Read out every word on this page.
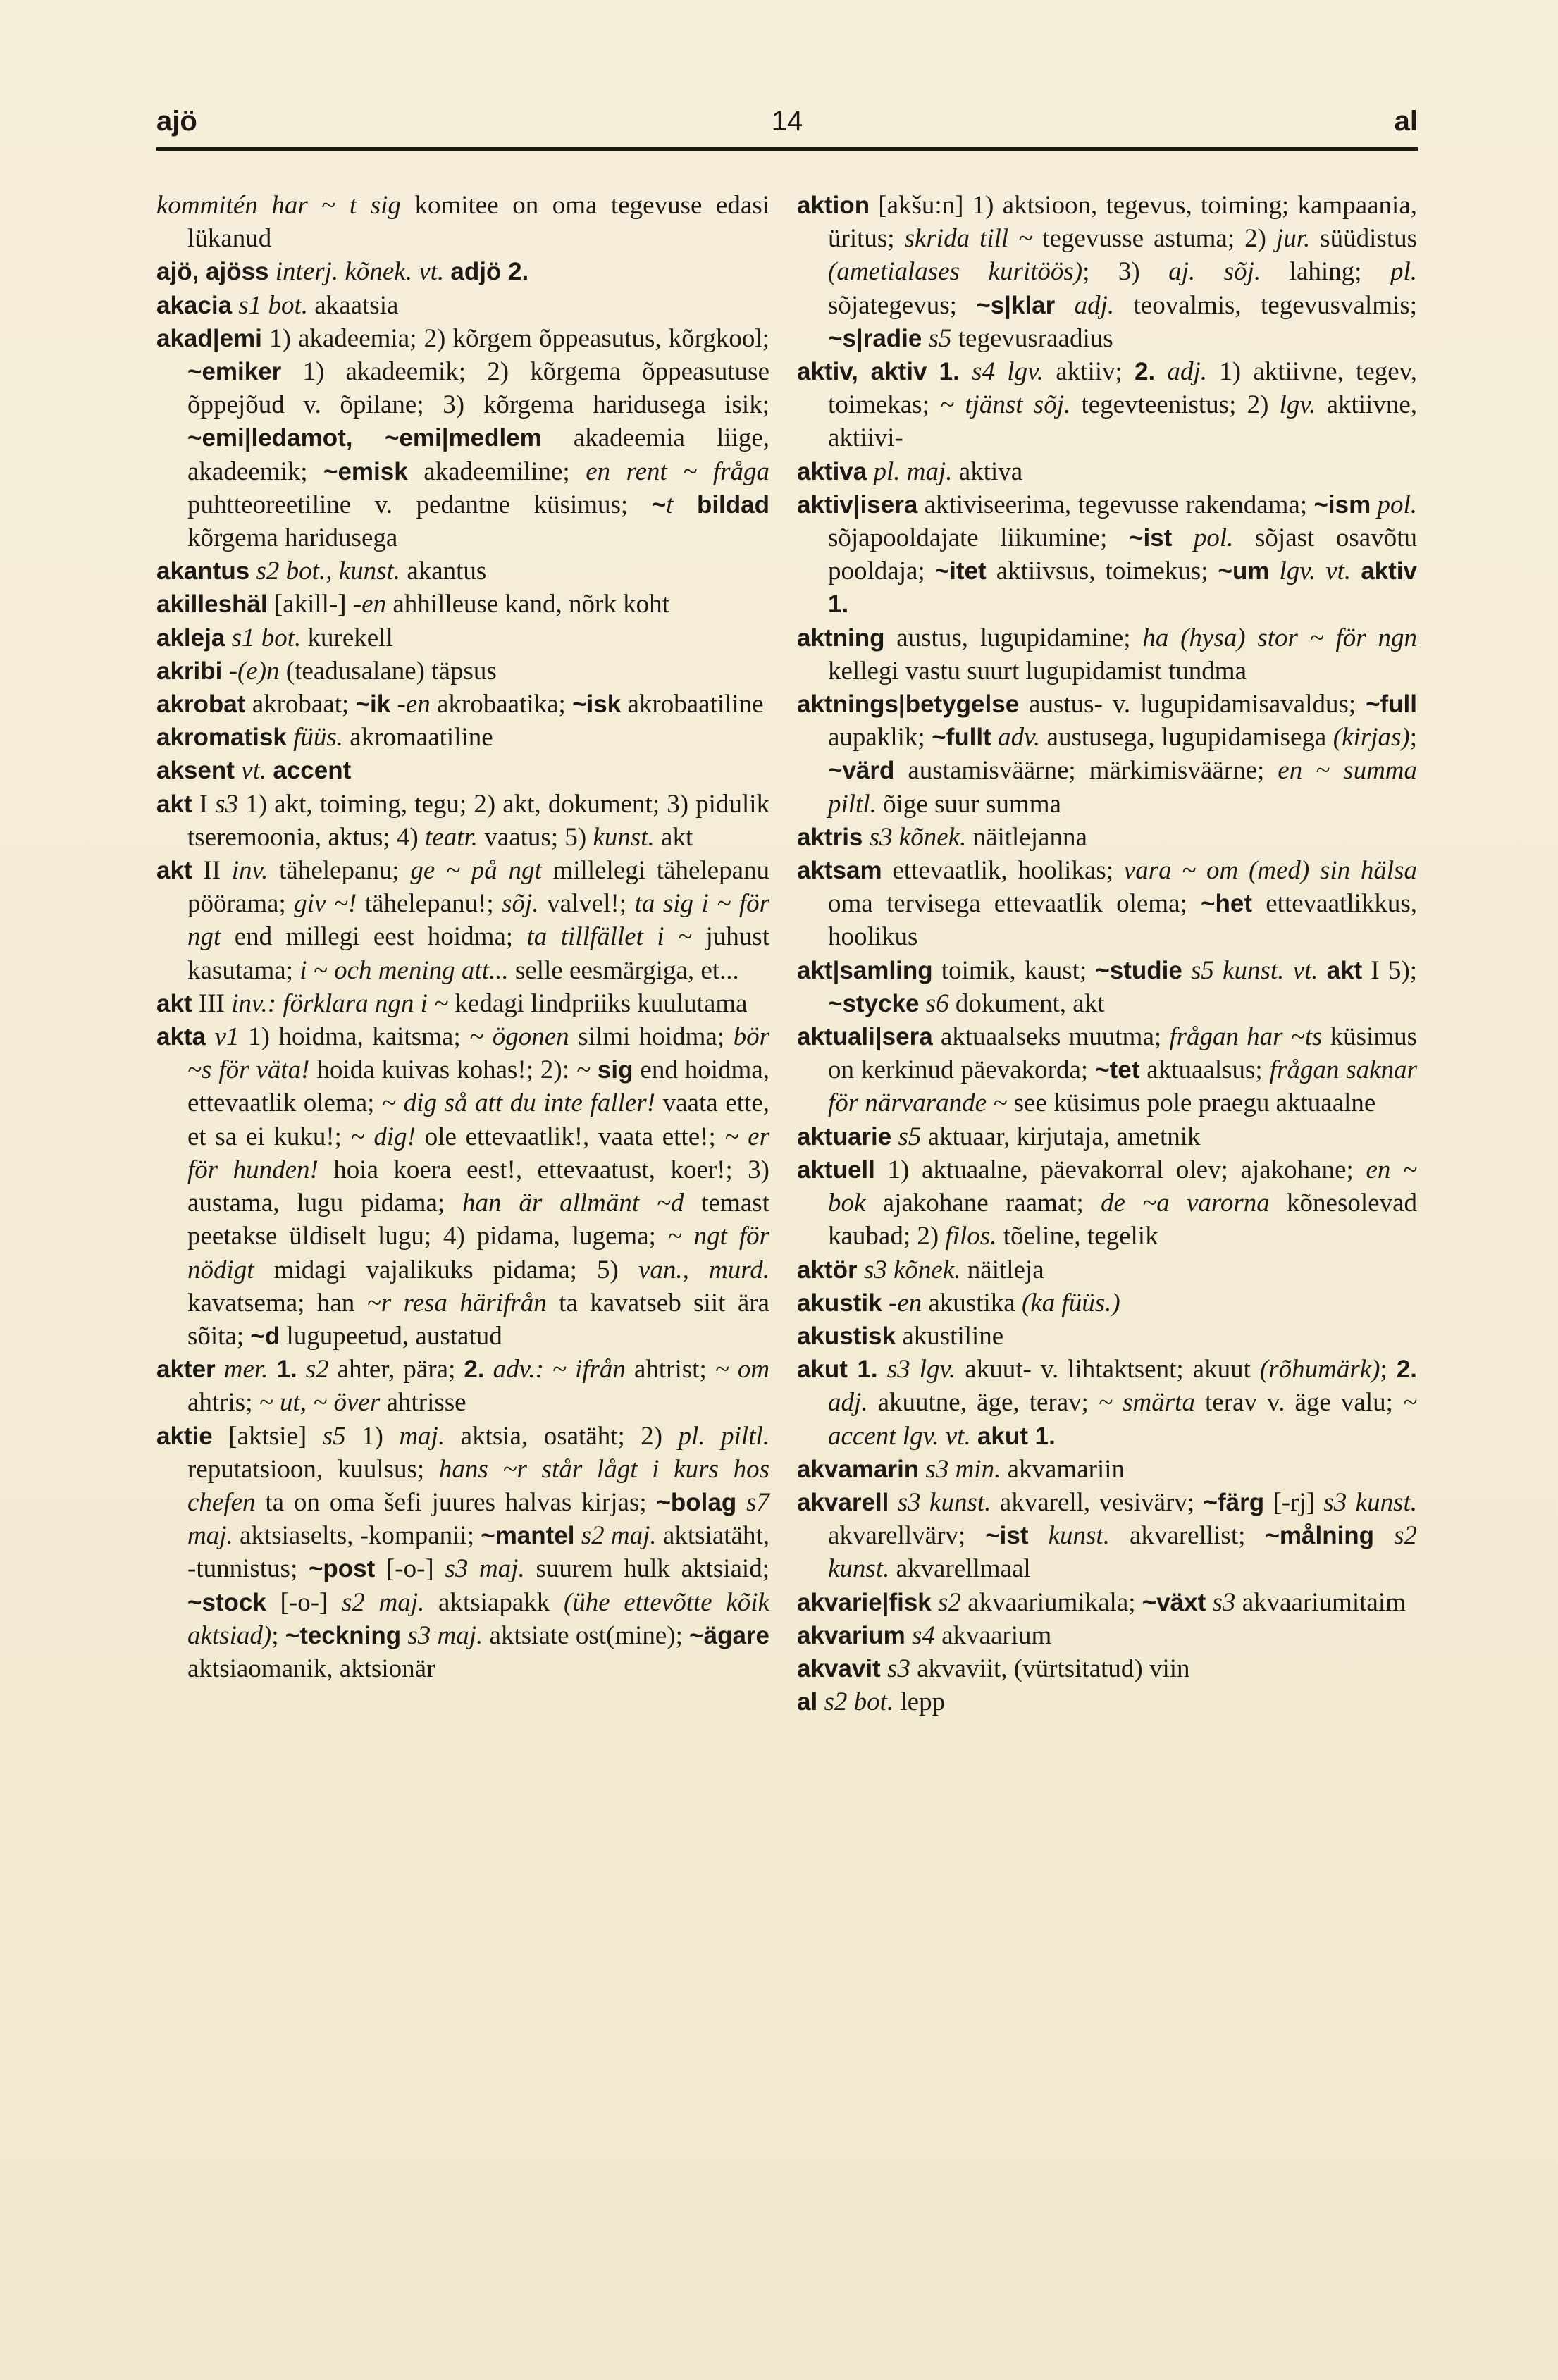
ajö	14	al

kommitén har ~ t sig komitee on oma tegevuse edasi lükanud

ajö, ajöss interj. kõnek. vt. adjö 2.

akacia s1 bot. akaatsia

akad|emi 1) akadeemia; 2) kõrgem õppeasutus, kõrgkool; ~emiker 1) akadeemik; 2) kõrgema õppeasutuse õppejõud v. õpilane; 3) kõrgema haridusega isik; ~emi|ledamot, ~emi|medlem akadeemia liige, akadeemik; ~emisk akadeemiline; en rent ~ fråga puhtteoreetiline v. pedantne küsimus; ~t bildad kõrgema haridusega

akantus s2 bot., kunst. akantus

akilleshäl [akill-] -en ahhilleuse kand, nõrk koht

akleja s1 bot. kurekell

akribi -(e)n (teadusalane) täpsus

akrobat akrobaat; ~ik -en akrobaatika; ~isk akrobaatiline

akromatisk füüs. akromaatiline

aksent vt. accent

akt I s3 1) akt, toiming, tegu; 2) akt, dokument; 3) pidulik tseremoonia, aktus; 4) teatr. vaatus; 5) kunst. akt

akt II inv. tähelepanu; ge ~ på ngt millelegi tähelepanu pöörama; giv ~! tähelepanu!; sõj. valvel!; ta sig i ~ för ngt end millegi eest hoidma; ta tillfället i ~ juhust kasutama; i ~ och mening att... selle eesmärgiga, et...

akt III inv.: förklara ngn i ~ kedagi lindpriiks kuulutama

akta v1 1) hoidma, kaitsma; ~ ögonen silmi hoidma; bör ~s för väta! hoida kuivas kohas!; 2): ~ sig end hoidma, ettevaatlik olema; ~ dig så att du inte faller! vaata ette, et sa ei kuku!; ~ dig! ole ettevaatlik!, vaata ette!; ~ er för hunden! hoia koera eest!, ettevaatust, koer!; 3) austama, lugu pidama; han är allmänt ~d temast peetakse üldiselt lugu; 4) pidama, lugema; ~ ngt för nödigt midagi vajalikuks pidama; 5) van., murd. kavatsema; han ~r resa härifrån ta kavatseb siit ära sõita; ~d lugupeetud, austatud

akter mer. 1. s2 ahter, pära; 2. adv.: ~ ifrån ahtrist; ~ om ahtris; ~ ut, ~ över ahtrisse

aktie [aktsie] s5 1) maj. aktsia, osatäht; 2) pl. piltl. reputatsioon, kuulsus; hans ~r står lågt i kurs hos chefen ta on oma šefi juures halvas kirjas; ~bolag s7 maj. aktsiaselts, -kompanii; ~mantel s2 maj. aktsiatäht, -tunnistus; ~post [-o-] s3 maj. suurem hulk aktsiaid; ~stock [-o-] s2 maj. aktsiapakk (ühe ettevõtte kõik aktsiad); ~teckning s3 maj. aktsiate ost(mine); ~ägare aktsiaomanik, aktsionär

aktion [akšu:n] 1) aktsioon, tegevus, toiming; kampaania, üritus; skrida till ~ tegevusse astuma; 2) jur. süüdistus (ametialases kuritöös); 3) aj. sõj. lahing; pl. sõjategevus; ~s|klar adj. teovalmis, tegevusvalmis; ~s|radie s5 tegevusraadius

aktiv, aktiv 1. s4 lgv. aktiiv; 2. adj. 1) aktiivne, tegev, toimekas; ~ tjänst sõj. tegevteenistus; 2) lgv. aktiivne, aktiivi-

aktiva pl. maj. aktiva

aktiv|isera aktiviseerima, tegevusse rakendama; ~ism pol. sõjapooldajate liikumine; ~ist pol. sõjast osavõtu pooldaja; ~itet aktiivsus, toimekus; ~um lgv. vt. aktiv 1.

aktning austus, lugupidamine; ha (hysa) stor ~ för ngn kellegi vastu suurt lugupidamist tundma

aktnings|betygelse austus- v. lugupidamisavaldus; ~full aupaklik; ~fullt adv. austusega, lugupidamisega (kirjas); ~värd austamisväärne; märkimisväärne; en ~ summa piltl. õige suur summa

aktris s3 kõnek. näitlejanna

aktsam ettevaatlik, hoolikas; vara ~ om (med) sin hälsa oma tervisega ettevaatlik olema; ~het ettevaatlikkus, hoolikus

akt|samling toimik, kaust; ~studie s5 kunst. vt. akt I 5); ~stycke s6 dokument, akt

aktuali|sera aktuaalseks muutma; frågan har ~ts küsimus on kerkinud päevakorda; ~tet aktuaalsus; frågan saknar för närvarande ~ see küsimus pole praegu aktuaalne

aktuarie s5 aktuaar, kirjutaja, ametnik

aktuell 1) aktuaalne, päevakorral olev; ajakohane; en ~ bok ajakohane raamat; de ~a varorna kõnesolevad kaubad; 2) filos. tõeline, tegelik

aktör s3 kõnek. näitleja

akustik -en akustika (ka füüs.)

akustisk akustiline

akut 1. s3 lgv. akuut- v. lihtaktsent; akuut (rõhumärk); 2. adj. akuutne, äge, terav; ~ smärta terav v. äge valu; ~ accent lgv. vt. akut 1.

akvamarin s3 min. akvamariin

akvarell s3 kunst. akvarell, vesivärv; ~färg [-rj] s3 kunst. akvarellvärv; ~ist kunst. akvarellist; ~målning s2 kunst. akvarellmaal

akvarie|fisk s2 akvaariumikala; ~växt s3 akvaariumitaim

akvarium s4 akvaarium

akvavit s3 akvaviit, (vürtsitatud) viin

al s2 bot. lepp
